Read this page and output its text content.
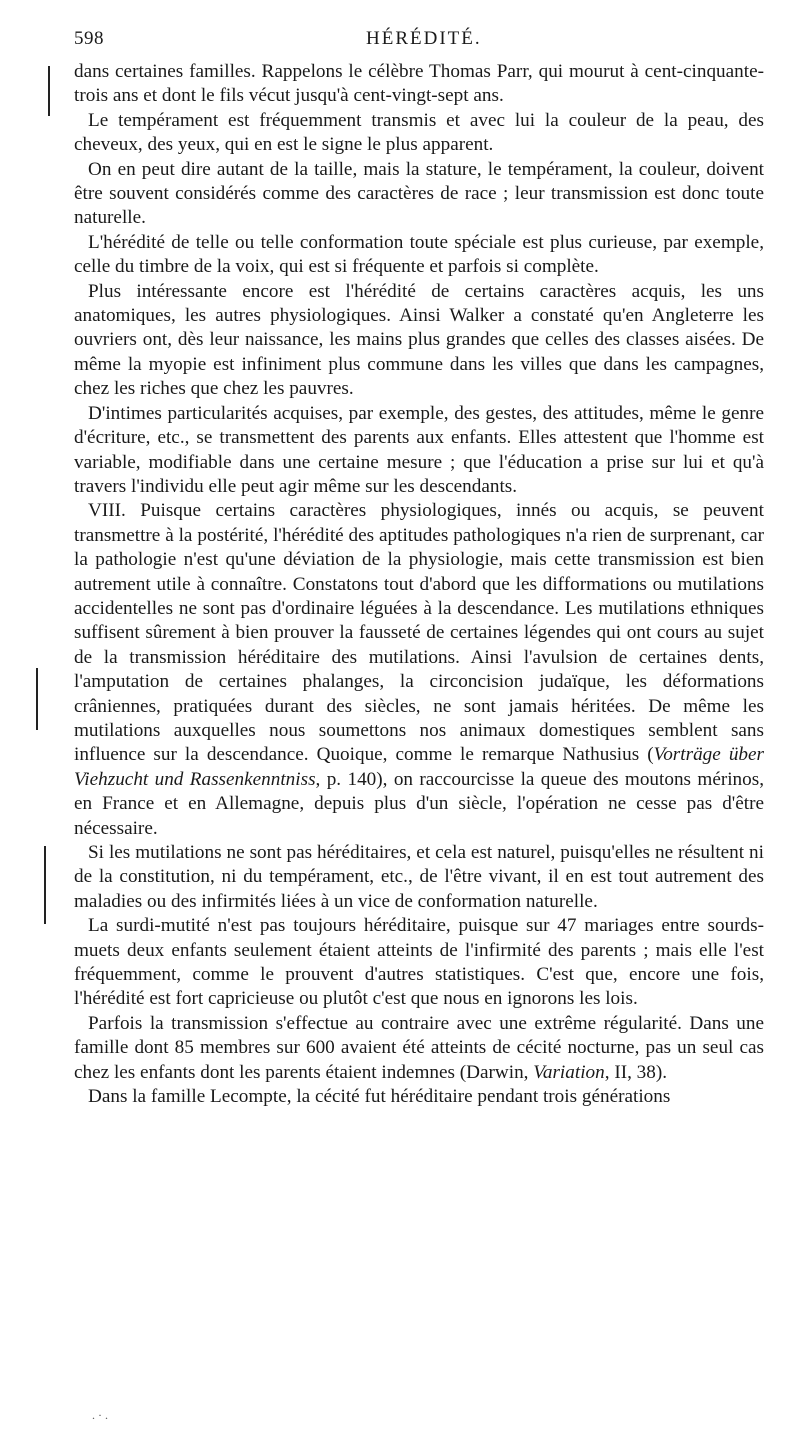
598	HÉRÉDITÉ.

dans certaines familles. Rappelons le célèbre Thomas Parr, qui mourut à cent-cinquante-trois ans et dont le fils vécut jusqu'à cent-vingt-sept ans.

Le tempérament est fréquemment transmis et avec lui la couleur de la peau, des cheveux, des yeux, qui en est le signe le plus apparent.

On en peut dire autant de la taille, mais la stature, le tempérament, la couleur, doivent être souvent considérés comme des caractères de race ; leur transmission est donc toute naturelle.

L'hérédité de telle ou telle conformation toute spéciale est plus curieuse, par exemple, celle du timbre de la voix, qui est si fréquente et parfois si complète.

Plus intéressante encore est l'hérédité de certains caractères acquis, les uns anatomiques, les autres physiologiques. Ainsi Walker a constaté qu'en Angleterre les ouvriers ont, dès leur naissance, les mains plus grandes que celles des classes aisées. De même la myopie est infiniment plus commune dans les villes que dans les campagnes, chez les riches que chez les pauvres.

D'intimes particularités acquises, par exemple, des gestes, des attitudes, même le genre d'écriture, etc., se transmettent des parents aux enfants. Elles attestent que l'homme est variable, modifiable dans une certaine mesure ; que l'éducation a prise sur lui et qu'à travers l'individu elle peut agir même sur les descendants.

VIII. Puisque certains caractères physiologiques, innés ou acquis, se peuvent transmettre à la postérité, l'hérédité des aptitudes pathologiques n'a rien de surprenant, car la pathologie n'est qu'une déviation de la physiologie, mais cette transmission est bien autrement utile à connaître. Constatons tout d'abord que les difformations ou mutilations accidentelles ne sont pas d'ordinaire léguées à la descendance. Les mutilations ethniques suffisent sûrement à bien prouver la fausseté de certaines légendes qui ont cours au sujet de la transmission héréditaire des mutilations. Ainsi l'avulsion de certaines dents, l'amputation de certaines phalanges, la circoncision judaïque, les déformations crâniennes, pratiquées durant des siècles, ne sont jamais héritées. De même les mutilations auxquelles nous soumettons nos animaux domestiques semblent sans influence sur la descendance. Quoique, comme le remarque Nathusius (Vorträge über Viehzucht und Rassenkenntniss, p. 140), on raccourcisse la queue des moutons mérinos, en France et en Allemagne, depuis plus d'un siècle, l'opération ne cesse pas d'être nécessaire.

Si les mutilations ne sont pas héréditaires, et cela est naturel, puisqu'elles ne résultent ni de la constitution, ni du tempérament, etc., de l'être vivant, il en est tout autrement des maladies ou des infirmités liées à un vice de conformation naturelle.

La surdi-mutité n'est pas toujours héréditaire, puisque sur 47 mariages entre sourds-muets deux enfants seulement étaient atteints de l'infirmité des parents ; mais elle l'est fréquemment, comme le prouvent d'autres statistiques. C'est que, encore une fois, l'hérédité est fort capricieuse ou plutôt c'est que nous en ignorons les lois.

Parfois la transmission s'effectue au contraire avec une extrême régularité. Dans une famille dont 85 membres sur 600 avaient été atteints de cécité nocturne, pas un seul cas chez les enfants dont les parents étaient indemnes (Darwin, Variation, II, 38).

Dans la famille Lecompte, la cécité fut héréditaire pendant trois générations

. · .
